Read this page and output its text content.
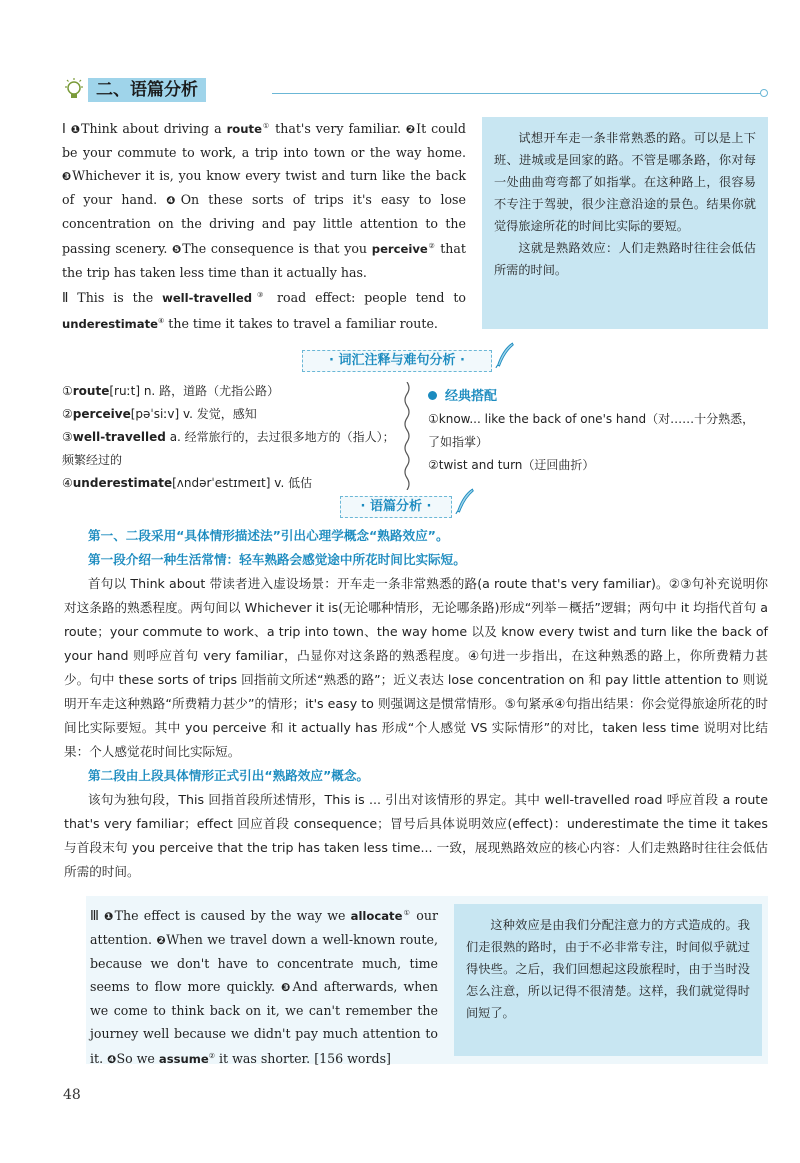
二、语篇分析
Ⅰ ❶Think about driving a route① that's very familiar. ❷It could be your commute to work, a trip into town or the way home. ❸Whichever it is, you know every twist and turn like the back of your hand. ❹On these sorts of trips it's easy to lose concentration on the driving and pay little attention to the passing scenery. ❺The consequence is that you perceive② that the trip has taken less time than it actually has.
Ⅱ This is the well-travelled③ road effect: people tend to underestimate④ the time it takes to travel a familiar route.

试想开车走一条非常熟悉的路。可以是上下班、进城或是回家的路。不管是哪条路，你对每一处曲曲弯弯都了如指掌。在这种路上，很容易不专注于驾驶，很少注意沿途的景色。结果你就觉得旅途所花的时间比实际的要短。

这就是熟路效应：人们走熟路时往往会低估所需的时间。

· 词汇注释与难句分析 ·
①route[ruːt] n. 路，道路（尤指公路）
②perceive[pəˈsiːv] v. 发觉，感知
③well-travelled a. 经常旅行的，去过很多地方的（指人）；频繁经过的
④underestimate[ʌndərˈestɪmeɪt] v. 低估
经典搭配
①know... like the back of one's hand（对……十分熟悉，了如指掌）
②twist and turn（迂回曲折）
· 语篇分析 ·

第一、二段采用“具体情形描述法”引出心理学概念“熟路效应”。

第一段介绍一种生活常情：轻车熟路会感觉途中所花时间比实际短。

首句以 Think about 带读者进入虚设场景：开车走一条非常熟悉的路(a route that's very familiar)。②③句补充说明你对这条路的熟悉程度。两句间以 Whichever it is(无论哪种情形，无论哪条路)形成“列举－概括”逻辑；两句中 it 均指代首句 a route；your commute to work、a trip into town、the way home 以及 know every twist and turn like the back of your hand 则呼应首句 very familiar，凸显你对这条路的熟悉程度。④句进一步指出，在这种熟悉的路上，你所费精力甚少。句中 these sorts of trips 回指前文所述“熟悉的路”；近义表达 lose concentration on 和 pay little attention to 则说明开车走这种熟路“所费精力甚少”的情形；it's easy to 则强调这是惯常情形。⑤句紧承④句指出结果：你会觉得旅途所花的时间比实际要短。其中 you perceive 和 it actually has 形成“个人感觉 VS 实际情形”的对比，taken less time 说明对比结果：个人感觉花时间比实际短。

第二段由上段具体情形正式引出“熟路效应”概念。

该句为独句段，This 回指首段所述情形，This is ... 引出对该情形的界定。其中 well-travelled road 呼应首段 a route that's very familiar；effect 回应首段 consequence；冒号后具体说明效应(effect)：underestimate the time it takes 与首段末句 you perceive that the trip has taken less time... 一致，展现熟路效应的核心内容：人们走熟路时往往会低估所需的时间。

Ⅲ ❶The effect is caused by the way we allocate① our attention. ❷When we travel down a well-known route, because we don't have to concentrate much, time seems to flow more quickly. ❸And afterwards, when we come to think back on it, we can't remember the journey well because we didn't pay much attention to it. ❹So we assume② it was shorter. [156 words]

这种效应是由我们分配注意力的方式造成的。我们走很熟的路时，由于不必非常专注，时间似乎就过得快些。之后，我们回想起这段旅程时，由于当时没怎么注意，所以记得不很清楚。这样，我们就觉得时间短了。

48
